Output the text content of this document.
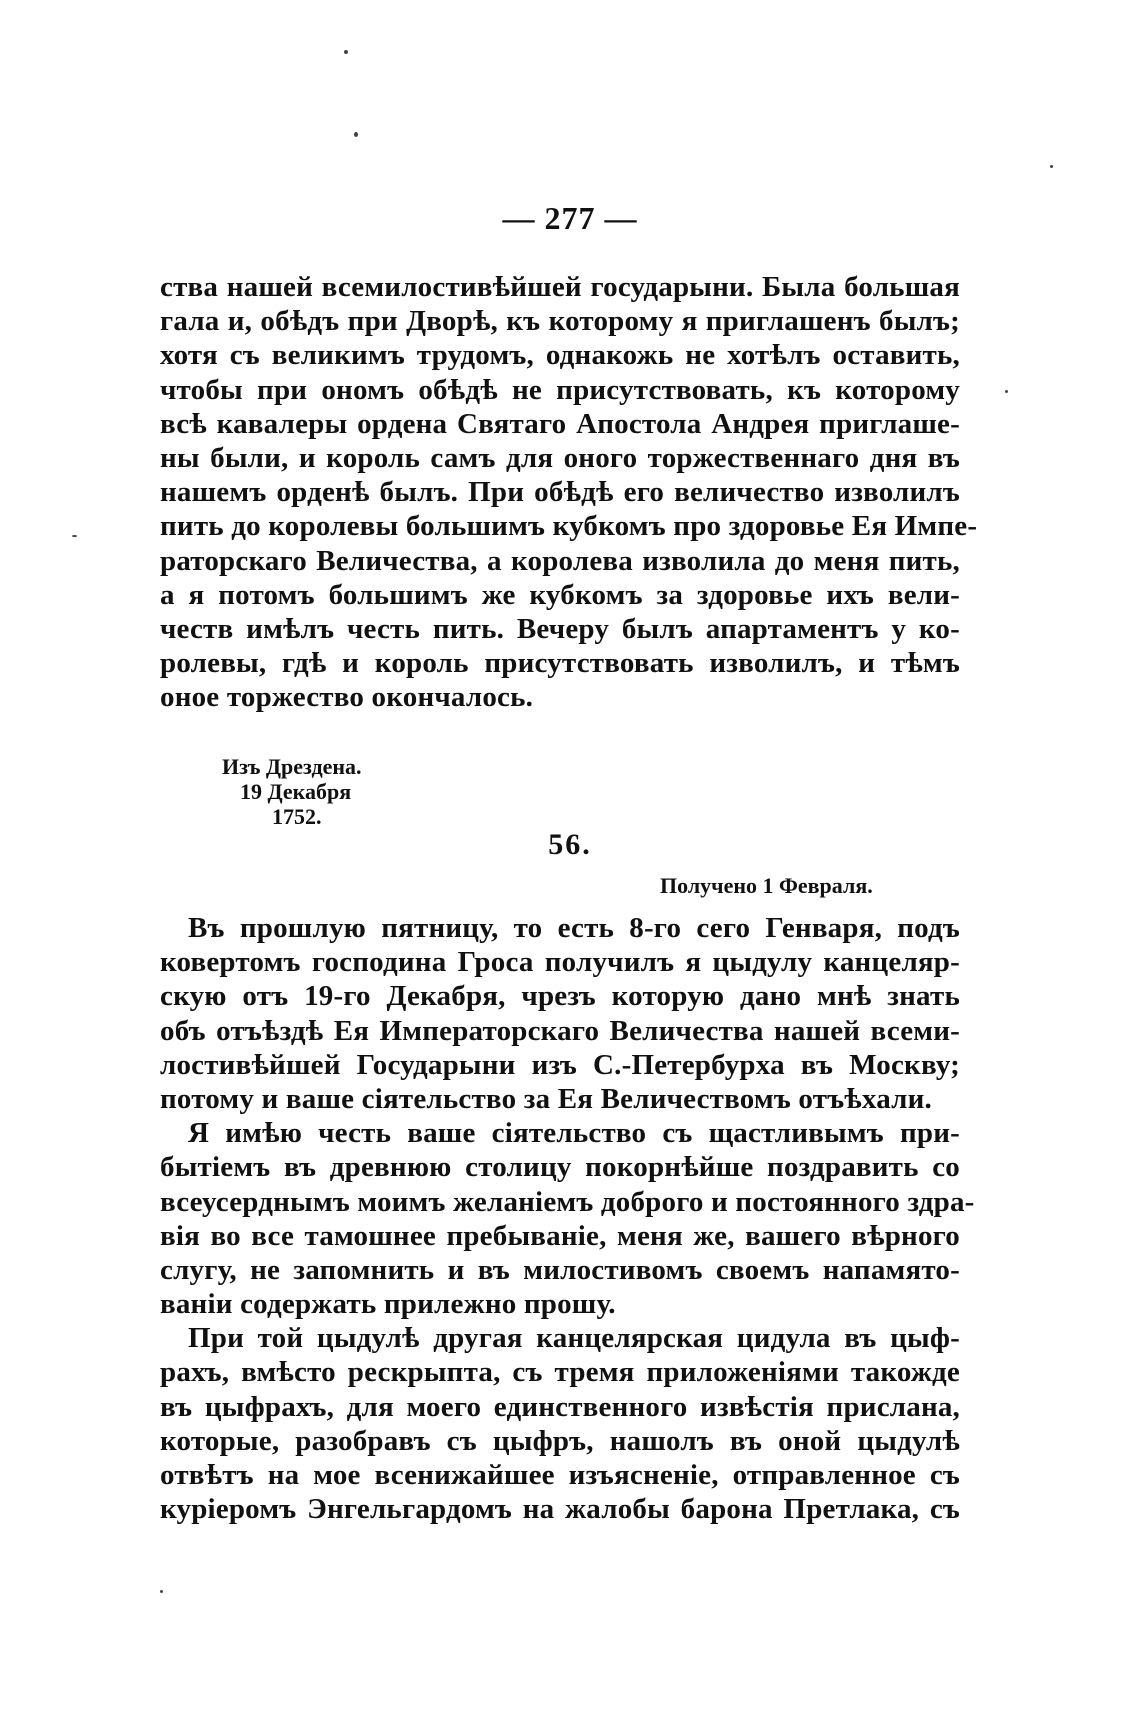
— 277 —
ства нашей всемилостивѣйшей государыни. Была большая
гала и, обѣдъ при Дворѣ, къ которому я приглашенъ былъ;
хотя съ великимъ трудомъ, однакожь не хотѣлъ оставить,
чтобы при ономъ обѣдѣ не присутствовать, къ которому
всѣ кавалеры ордена Святаго Апостола Андрея приглаше-
ны были, и король самъ для оного торжественнаго дня въ
нашемъ орденѣ былъ. При обѣдѣ его величество изволилъ
пить до королевы большимъ кубкомъ про здоровье Ея Импе-
раторскаго Величества, а королева изволила до меня пить,
а я потомъ большимъ же кубкомъ за здоровье ихъ вели-
честв имѣлъ честь пить. Вечеру былъ апартаментъ у ко-
ролевы, гдѣ и король присутствовать изволилъ, и тѣмъ
оное торжество окончалось.
Изъ Дрездена.
19 Декабря
1752.
56.
Получено 1 Февраля.
Въ прошлую пятницу, то есть 8-го сего Генваря, подъ
ковертомъ господина Гроса получилъ я цыдулу канцеляр-
скую отъ 19-го Декабря, чрезъ которую дано мнѣ знать
объ отъѣздѣ Ея Императорскаго Величества нашей всеми-
лостивѣйшей Государыни изъ С.-Петербурха въ Москву;
потому и ваше сіятельство за Ея Величествомъ отъѣхали.
Я имѣю честь ваше сіятельство съ щастливымъ при-
бытіемъ въ древнюю столицу покорнѣйше поздравить со
всеусерднымъ моимъ желаніемъ доброго и постоянного здра-
вія во все тамошнее пребываніе, меня же, вашего вѣрного
слугу, не запомнить и въ милостивомъ своемъ напамято-
ваніи содержать прилежно прошу.
При той цыдулѣ другая канцелярская цидула въ цыф-
рахъ, вмѣсто рескрыпта, съ тремя приложеніями такожде
въ цыфрахъ, для моего единственного извѣстія прислана,
которые, разобравъ съ цыфръ, нашолъ въ оной цыдулѣ
отвѣтъ на мое всенижайшее изъясненіе, отправленное съ
куріеромъ Энгельгардомъ на жалобы барона Претлака, съ
